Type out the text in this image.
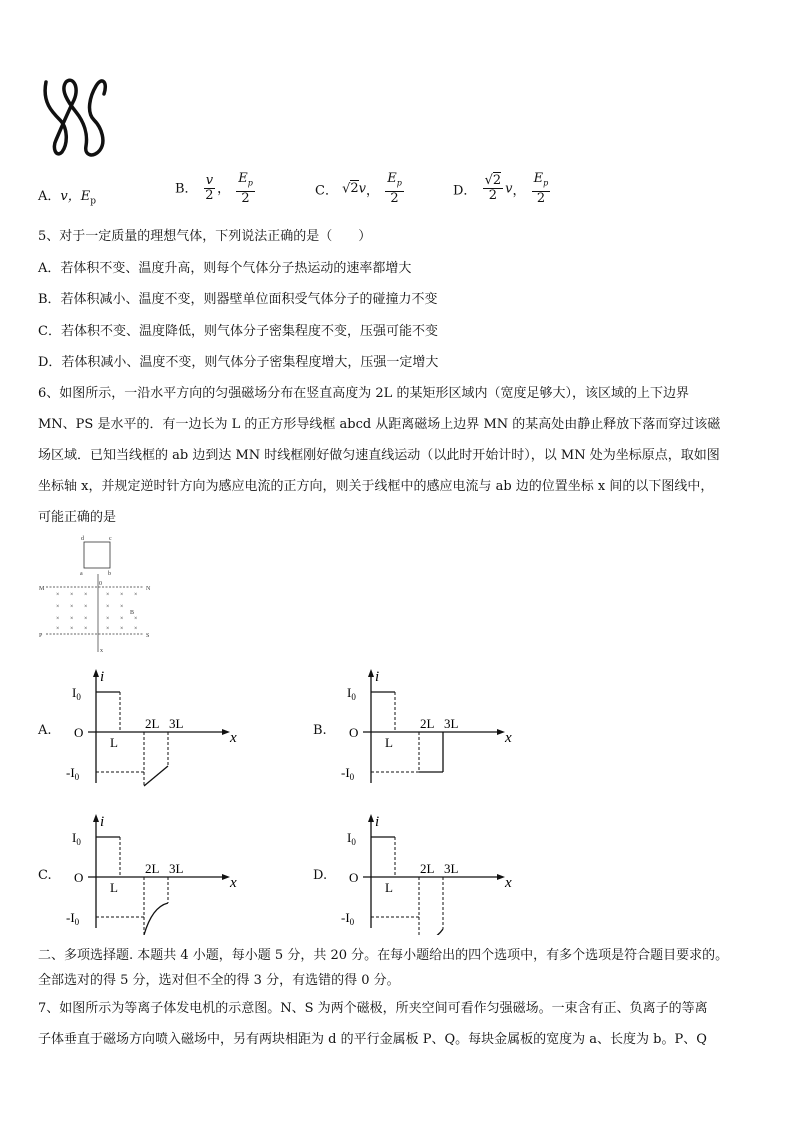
A．v，$E_p$
B． $\frac{v}{2}$ ， $\frac{E_p}{2}$	C． √2v， $\frac{E_p}{2}$	D． $\frac{√2}{2}$ v， $\frac{E_p}{2}$
5、对于一定质量的理想气体，下列说法正确的是（　　）
A．若体积不变、温度升高，则每个气体分子热运动的速率都增大
B．若体积减小、温度不变，则器壁单位面积受气体分子的碰撞力不变
C．若体积不变、温度降低，则气体分子密集程度不变，压强可能不变
D．若体积减小、温度不变，则气体分子密集程度增大，压强一定增大
6、如图所示，一沿水平方向的匀强磁场分布在竖直高度为 2L 的某矩形区域内（宽度足够大），该区域的上下边界
MN、PS 是水平的．有一边长为 L 的正方形导线框 abcd 从距离磁场上边界 MN 的某高处由静止释放下落而穿过该磁
场区域．已知当线框的 ab 边到达 MN 时线框刚好做匀速直线运动（以此时开始计时），以 MN 处为坐标原点，取如图
坐标轴 x，并规定逆时针方向为感应电流的正方向，则关于线框中的感应电流与 ab 边的位置坐标 x 间的以下图线中，
可能正确的是
d	c
a	b
0
M	N
P	S
B
x
× × ×	× × ×
× × ×	× ×
× × ×	× × ×
× × ×	× × ×
A.
i
$I_0$
$-I_0$
O
L
2L 3L
x	B.
i
$I_0$
$-I_0$
O
L
2L 3L
x
C.
i
$I_0$
$-I_0$
O
L
2L 3L
x	D.
i
$I_0$
$-I_0$
O
L
2L 3L
x
二、多项选择题. 本题共 4 小题，每小题 5 分，共 20 分。在每小题给出的四个选项中，有多个选项是符合题目要求的。
全部选对的得 5 分，选对但不全的得 3 分，有选错的得 0 分。
7、如图所示为等离子体发电机的示意图。N、S 为两个磁极，所夹空间可看作匀强磁场。一束含有正、负离子的等离
子体垂直于磁场方向喷入磁场中，另有两块相距为 d 的平行金属板 P、Q。每块金属板的宽度为 a、长度为 b。P、Q
